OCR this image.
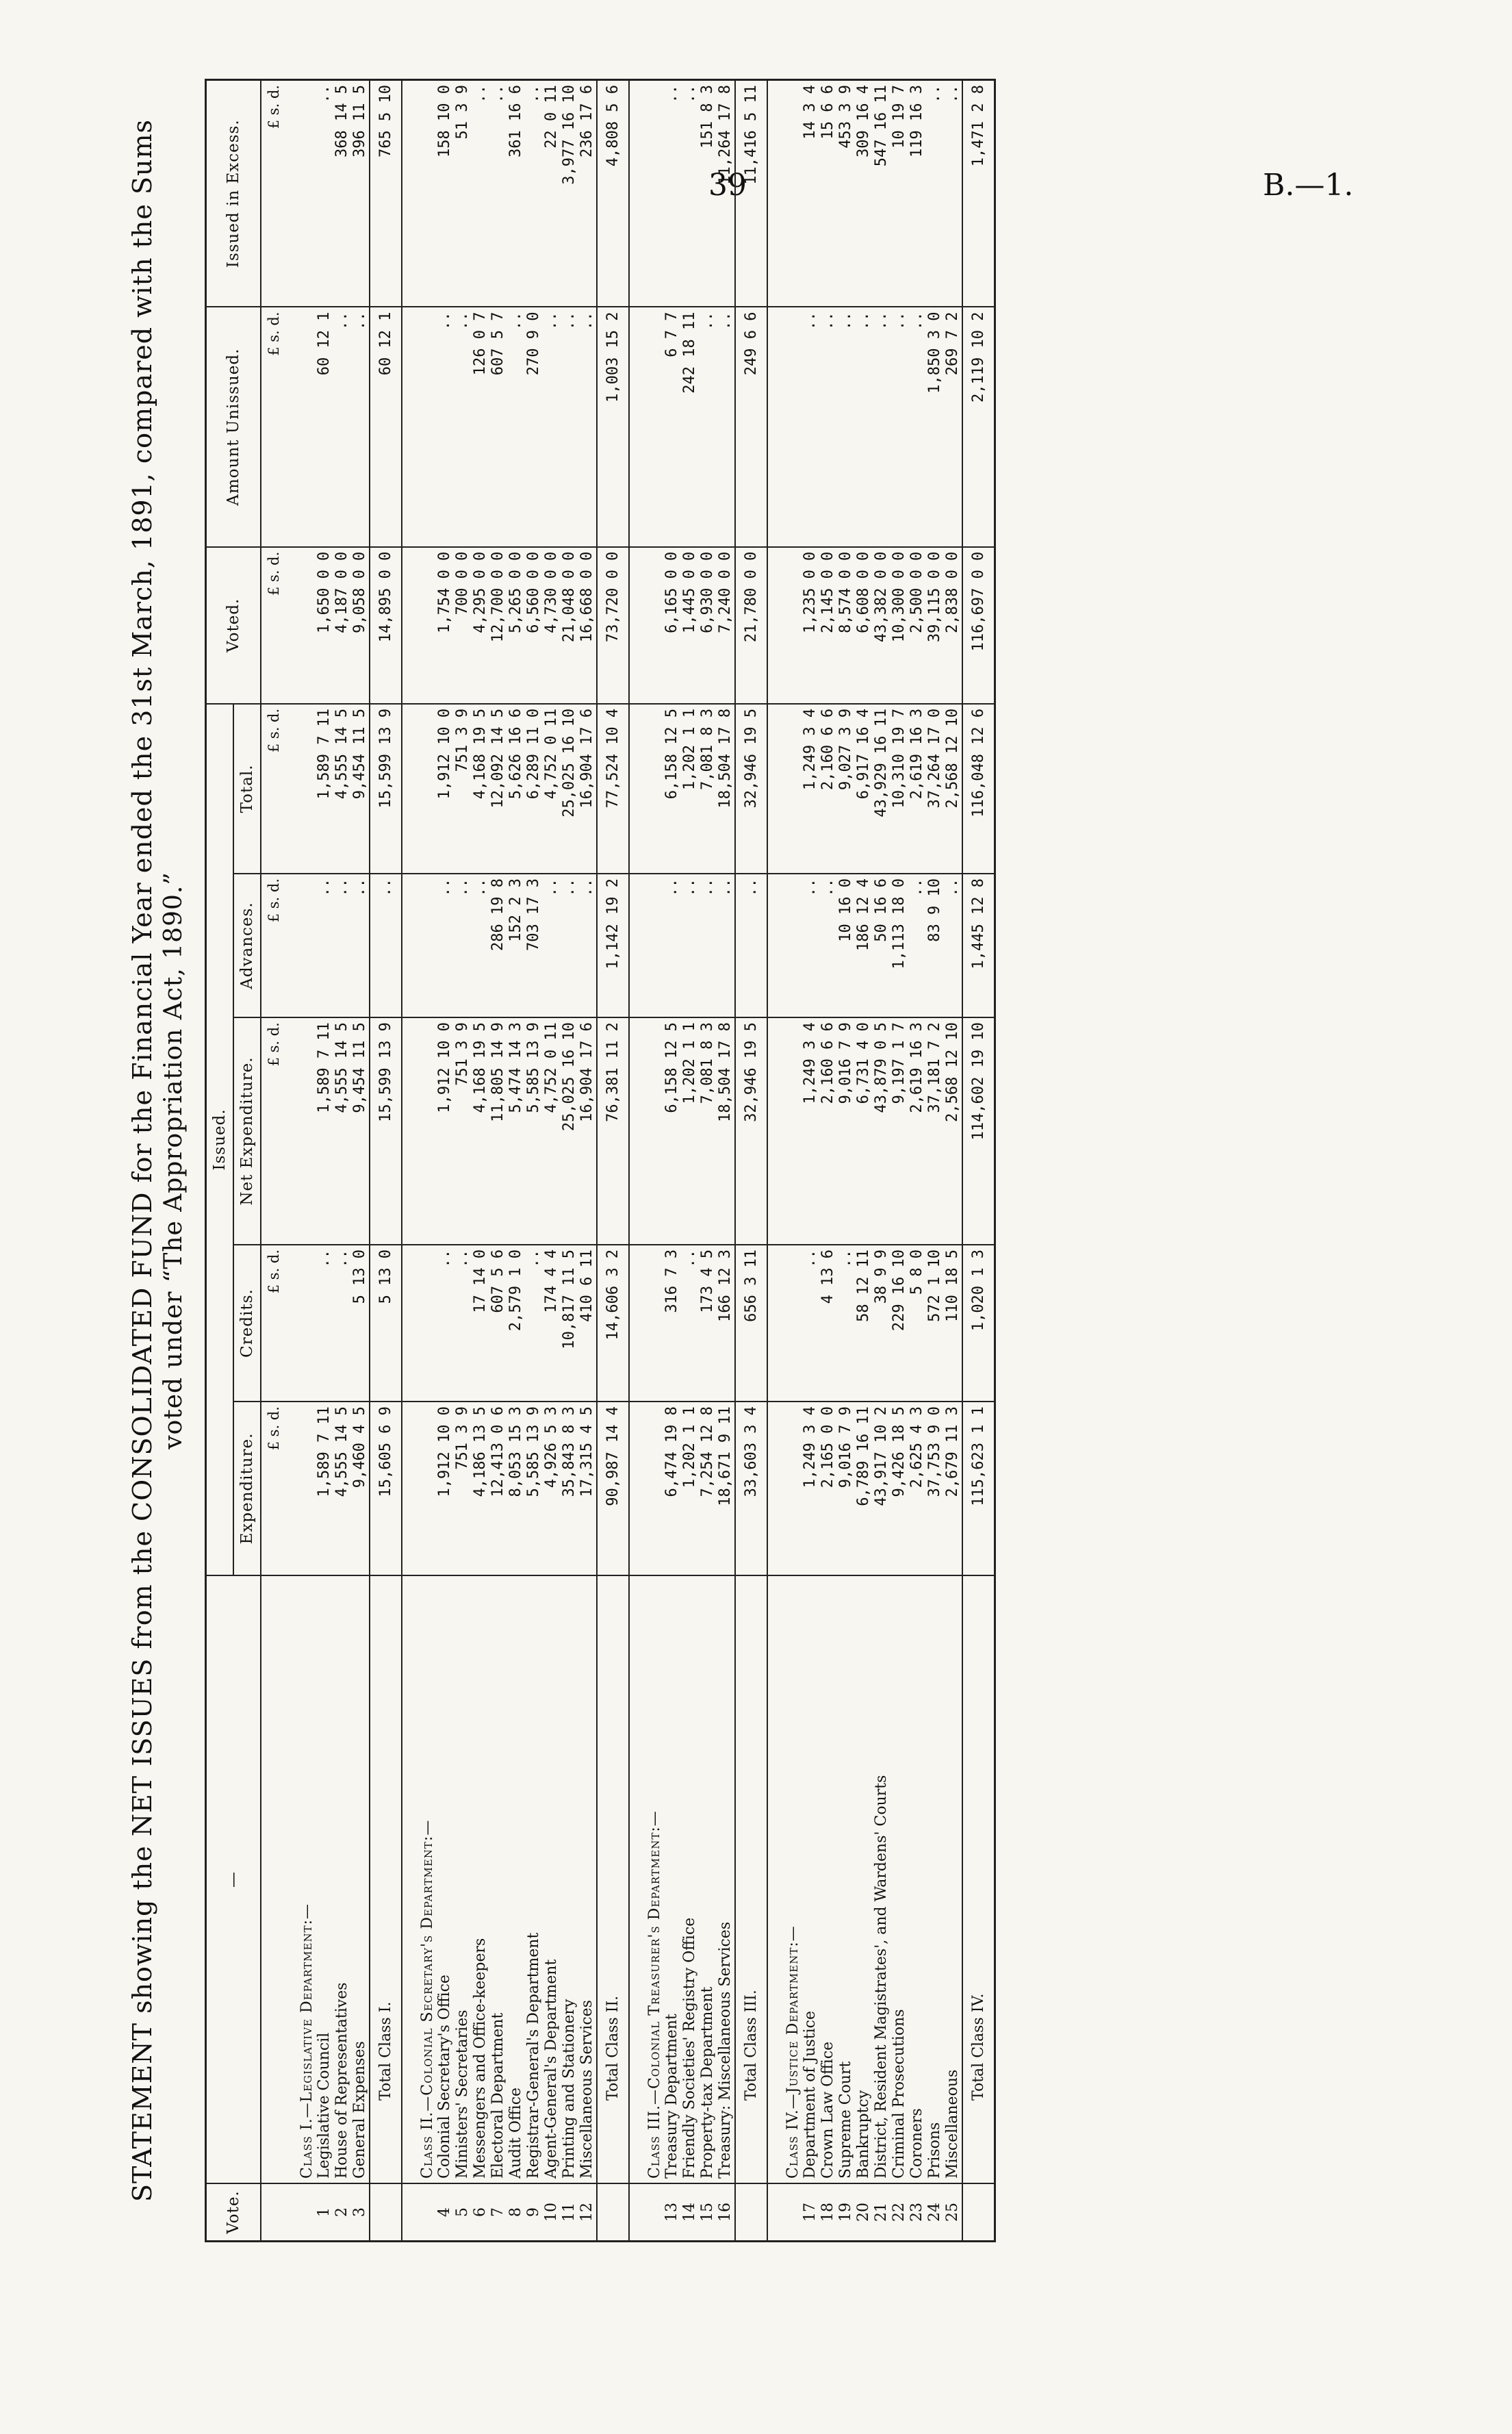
39	B.—1.
STATEMENT showing the NET ISSUES from the CONSOLIDATED FUND for the Financial Year ended the 31st March, 1891, compared with the Sums voted under “The Appropriation Act, 1890.”
Vote.	—	Issued.					Voted.	Amount Unissued.	Issued in Excess.
		Expenditure.	Credits.	Net Expenditure.	Advances.	Total.			
		£ s. d.	£ s. d.	£ s. d.	£ s. d.	£ s. d.	£ s. d.	£ s. d.	£ s. d.
	Class I.—Legislative Department:—								
1	Legislative Council	1,589 7 11	..	1,589 7 11	..	1,589 7 11	1,650 0 0	60 12 1	..
2	House of Representatives	4,555 14 5	..	4,555 14 5	..	4,555 14 5	4,187 0 0	..	368 14 5
3	General Expenses	9,460 4 5	5 13 0	9,454 11 5	..	9,454 11 5	9,058 0 0	..	396 11 5
	Total Class I.	15,605 6 9	5 13 0	15,599 13 9	..	15,599 13 9	14,895 0 0	60 12 1	765 5 10
	Class II.—Colonial Secretary's Department:—								
4	Colonial Secretary's Office	1,912 10 0	..	1,912 10 0	..	1,912 10 0	1,754 0 0	..	158 10 0
5	Ministers' Secretaries	751 3 9	..	751 3 9	..	751 3 9	700 0 0	..	51 3 9
6	Messengers and Office-keepers	4,186 13 5	17 14 0	4,168 19 5	..	4,168 19 5	4,295 0 0	126 0 7	..
7	Electoral Department	12,413 0 6	607 5 6	11,805 14 9	286 19 8	12,092 14 5	12,700 0 0	607 5 7	..
8	Audit Office	8,053 15 3	2,579 1 0	5,474 14 3	152 2 3	5,626 16 6	5,265 0 0	..	361 16 6
9	Registrar-General's Department	5,585 13 9	..	5,585 13 9	703 17 3	6,289 11 0	6,560 0 0	270 9 0	..
10	Agent-General's Department	4,926 5 3	174 4 4	4,752 0 11	..	4,752 0 11	4,730 0 0	..	22 0 11
11	Printing and Stationery	35,843 8 3	10,817 11 5	25,025 16 10	..	25,025 16 10	21,048 0 0	..	3,977 16 10
12	Miscellaneous Services	17,315 4 5	410 6 11	16,904 17 6	..	16,904 17 6	16,668 0 0	..	236 17 6
	Total Class II.	90,987 14 4	14,606 3 2	76,381 11 2	1,142 19 2	77,524 10 4	73,720 0 0	1,003 15 2	4,808 5 6
	Class III.—Colonial Treasurer's Department:—								
13	Treasury Department	6,474 19 8	316 7 3	6,158 12 5	..	6,158 12 5	6,165 0 0	6 7 7	..
14	Friendly Societies' Registry Office	1,202 1 1	..	1,202 1 1	..	1,202 1 1	1,445 0 0	242 18 11	..
15	Property-tax Department	7,254 12 8	173 4 5	7,081 8 3	..	7,081 8 3	6,930 0 0	..	151 8 3
16	Treasury: Miscellaneous Services	18,671 9 11	166 12 3	18,504 17 8	..	18,504 17 8	7,240 0 0	..	11,264 17 8
	Total Class III.	33,603 3 4	656 3 11	32,946 19 5	..	32,946 19 5	21,780 0 0	249 6 6	11,416 5 11
	Class IV.—Justice Department:—								
17	Department of Justice	1,249 3 4	..	1,249 3 4	..	1,249 3 4	1,235 0 0	..	14 3 4
18	Crown Law Office	2,165 0 0	4 13 6	2,160 6 6	..	2,160 6 6	2,145 0 0	..	15 6 6
19	Supreme Court	9,016 7 9	..	9,016 7 9	10 16 0	9,027 3 9	8,574 0 0	..	453 3 9
20	Bankruptcy	6,789 16 11	58 12 11	6,731 4 0	186 12 4	6,917 16 4	6,608 0 0	..	309 16 4
21	District, Resident Magistrates', and Wardens' Courts	43,917 10 2	38 9 9	43,879 0 5	50 16 6	43,929 16 11	43,382 0 0	..	547 16 11
22	Criminal Prosecutions	9,426 18 5	229 16 10	9,197 1 7	1,113 18 0	10,310 19 7	10,300 0 0	..	10 19 7
23	Coroners	2,625 4 3	5 8 0	2,619 16 3	..	2,619 16 3	2,500 0 0	..	119 16 3
24	Prisons	37,753 9 0	572 1 10	37,181 7 2	83 9 10	37,264 17 0	39,115 0 0	1,850 3 0	..
25	Miscellaneous	2,679 11 3	110 18 5	2,568 12 10	..	2,568 12 10	2,838 0 0	269 7 2	..
	Total Class IV.	115,623 1 1	1,020 1 3	114,602 19 10	1,445 12 8	116,048 12 6	116,697 0 0	2,119 10 2	1,471 2 8
